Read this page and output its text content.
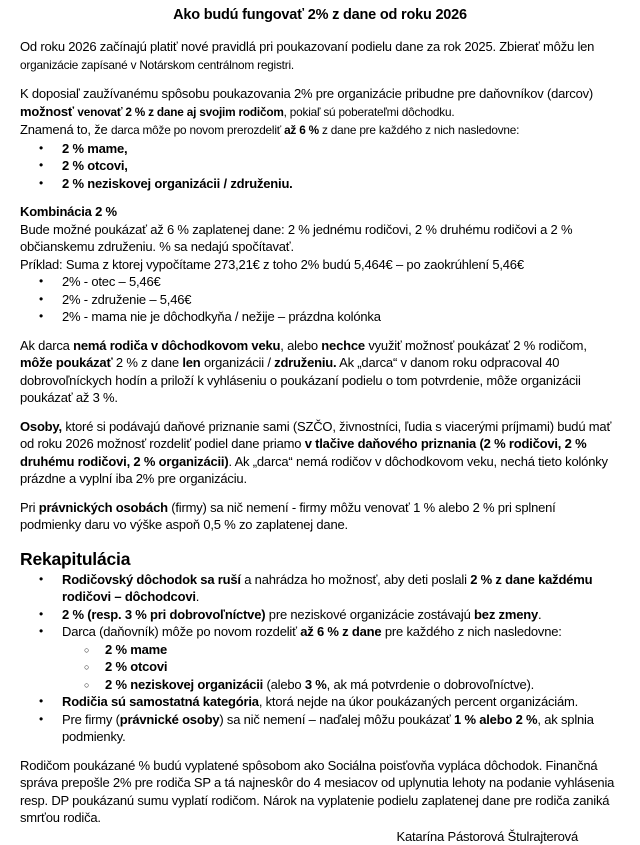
Ako budú fungovať 2% z dane od roku 2026
Od roku 2026 začínajú platiť nové pravidlá pri poukazovaní podielu dane za rok 2025. Zbierať môžu len organizácie zapísané v Notárskom centrálnom registri.
K doposiaľ zaužívanému spôsobu poukazovania 2% pre organizácie pribudne pre daňovníkov (darcov) možnosť venovať 2 % z dane aj svojim rodičom, pokiaľ sú poberateľmi dôchodku.
Znamená to, že darca môže po novom prerozdeliť až 6 % z dane pre každého z nich nasledovne:
• 2 % mame,
• 2 % otcovi,
• 2 % neziskovej organizácii / združeniu.
Kombinácia 2 %
Bude možné poukázať až 6 % zaplatenej dane: 2 % jednému rodičovi, 2 % druhému rodičovi a 2 % občianskemu združeniu. % sa nedajú spočítavať.
Príklad: Suma z ktorej vypočítame 273,21€ z toho 2% budú 5,464€ – po zaokrúhlení 5,46€
• 2% - otec – 5,46€
• 2% - združenie – 5,46€
• 2% - mama nie je dôchodkyňa / nežije – prázdna kolónka
Ak darca nemá rodiča v dôchodkovom veku, alebo nechce využiť možnosť poukázať 2 % rodičom, môže poukázať 2 % z dane len organizácii / združeniu. Ak „darca“ v danom roku odpracoval 40 dobrovoľníckych hodín a priloží k vyhláseniu o poukázaní podielu o tom potvrdenie, môže organizácii poukázať až 3 %.
Osoby, ktoré si podávajú daňové priznanie sami (SZČO, živnostníci, ľudia s viacerými príjmami) budú mať od roku 2026 možnosť rozdeliť podiel dane priamo v tlačive daňového priznania (2 % rodičovi, 2 % druhému rodičovi, 2 % organizácii). Ak „darca“ nemá rodičov v dôchodkovom veku, nechá tieto kolónky prázdne a vyplní iba 2% pre organizáciu.
Pri právnických osobách (firmy) sa nič nemení - firmy môžu venovať 1 % alebo 2 % pri splnení podmienky daru vo výške aspoň 0,5 % zo zaplatenej dane.
Rekapitulácia
• Rodičovský dôchodok sa ruší a nahrádza ho možnosť, aby deti poslali 2 % z dane každému rodičovi – dôchodcovi.
• 2 % (resp. 3 % pri dobrovoľníctve) pre neziskové organizácie zostávajú bez zmeny.
• Darca (daňovník) môže po novom rozdeliť až 6 % z dane pre každého z nich nasledovne:
○ 2 % mame
○ 2 % otcovi
○ 2 % neziskovej organizácii (alebo 3 %, ak má potvrdenie o dobrovoľníctve).
• Rodičia sú samostatná kategória, ktorá nejde na úkor poukázaných percent organizáciám.
• Pre firmy (právnické osoby) sa nič nemení – naďalej môžu poukázať 1 % alebo 2 %, ak splnia podmienky.
Rodičom poukázané % budú vyplatené spôsobom ako Sociálna poisťovňa vypláca dôchodok. Finančná správa prepošle 2% pre rodiča SP a tá najneskôr do 4 mesiacov od uplynutia lehoty na podanie vyhlásenia resp. DP poukázanú sumu vyplatí rodičom. Nárok na vyplatenie podielu zaplatenej dane pre rodiča zaniká smrťou rodiča.
Katarína Pástorová Štulrajterová
